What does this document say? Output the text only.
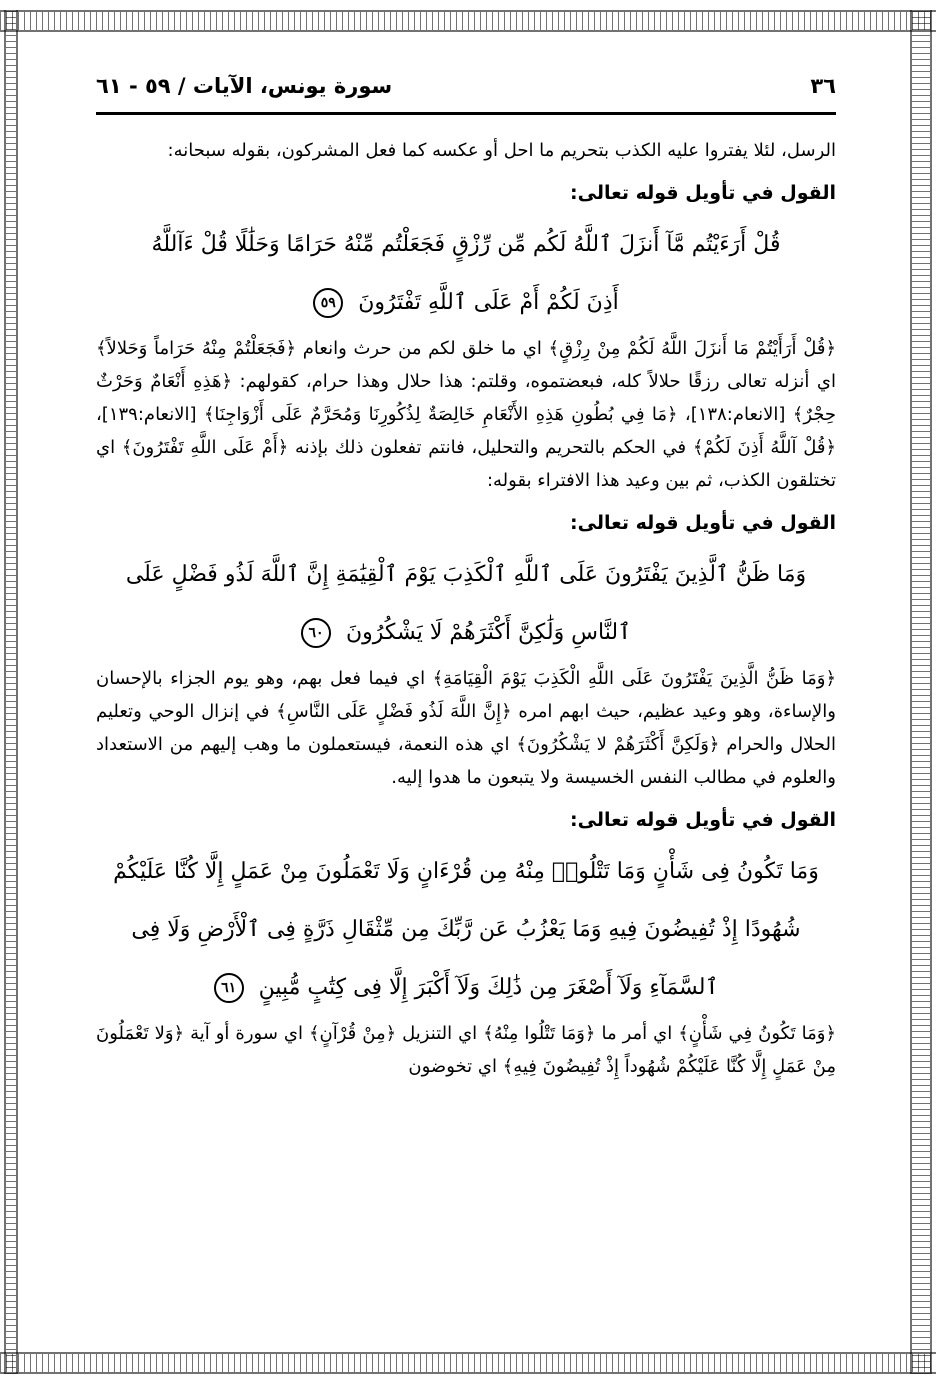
٣٦
سورة يونس، الآيات / ٥٩ - ٦١

الرسل، لئلا يفتروا عليه الكذب بتحريم ما احل أو عكسه كما فعل المشركون، بقوله سبحانه:

القول في تأويل قوله تعالى:

قُلْ أَرَءَيْتُم مَّآ أَنزَلَ ٱللَّهُ لَكُم مِّن رِّزْقٍ فَجَعَلْتُم مِّنْهُ حَرَامًا وَحَلَٰلًا قُلْ ءَآللَّهُ
أَذِنَ لَكُمْ أَمْ عَلَى ٱللَّهِ تَفْتَرُونَ ٥٩

﴿قُلْ أَرَأَيْتُمْ مَا أَنزَلَ اللَّهُ لَكُمْ مِنْ رِزْقٍ﴾ اي ما خلق لكم من حرث وانعام ﴿فَجَعَلْتُمْ مِنْهُ حَرَاماً وَحَلالاً﴾ اي أنزله تعالى رزقًا حلالاً كله، فبعضتموه، وقلتم: هذا حلال وهذا حرام، كقولهم: ﴿هَذِهِ أَنْعَامٌ وَحَرْثٌ حِجْرٌ﴾ [الانعام:١٣٨]، ﴿مَا فِي بُطُونِ هَذِهِ الأَنْعَامِ خَالِصَةٌ لِذُكُورِنَا وَمُحَرَّمٌ عَلَى أَزْوَاجِنَا﴾ [الانعام:١٣٩]، ﴿قُلْ آللَّهُ أَذِنَ لَكُمْ﴾ في الحكم بالتحريم والتحليل، فانتم تفعلون ذلك بإذنه ﴿أَمْ عَلَى اللَّهِ تَفْتَرُونَ﴾ اي تختلقون الكذب، ثم بين وعيد هذا الافتراء بقوله:

القول في تأويل قوله تعالى:

وَمَا ظَنُّ ٱلَّذِينَ يَفْتَرُونَ عَلَى ٱللَّهِ ٱلْكَذِبَ يَوْمَ ٱلْقِيَٰمَةِ إِنَّ ٱللَّهَ لَذُو فَضْلٍ عَلَى
ٱلنَّاسِ وَلَٰكِنَّ أَكْثَرَهُمْ لَا يَشْكُرُونَ ٦٠

﴿وَمَا ظَنُّ الَّذِينَ يَفْتَرُونَ عَلَى اللَّهِ الْكَذِبَ يَوْمَ الْقِيَامَةِ﴾ اي فيما فعل بهم، وهو يوم الجزاء بالإحسان والإساءة، وهو وعيد عظيم، حيث ابهم امره ﴿إِنَّ اللَّهَ لَذُو فَضْلٍ عَلَى النَّاسِ﴾ في إنزال الوحي وتعليم الحلال والحرام ﴿وَلَكِنَّ أَكْثَرَهُمْ لا يَشْكُرُونَ﴾ اي هذه النعمة، فيستعملون ما وهب إليهم من الاستعداد والعلوم في مطالب النفس الخسيسة ولا يتبعون ما هدوا إليه.

القول في تأويل قوله تعالى:

وَمَا تَكُونُ فِى شَأْنٍ وَمَا تَتْلُوا۟ مِنْهُ مِن قُرْءَانٍ وَلَا تَعْمَلُونَ مِنْ عَمَلٍ إِلَّا كُنَّا عَلَيْكُمْ
شُهُودًا إِذْ تُفِيضُونَ فِيهِ وَمَا يَعْزُبُ عَن رَّبِّكَ مِن مِّثْقَالِ ذَرَّةٍ فِى ٱلْأَرْضِ وَلَا فِى
ٱلسَّمَآءِ وَلَآ أَصْغَرَ مِن ذَٰلِكَ وَلَآ أَكْبَرَ إِلَّا فِى كِتَٰبٍ مُّبِينٍ ٦١

﴿وَمَا تَكُونُ فِي شَأْنٍ﴾ اي أمر ما ﴿وَمَا تَتْلُوا مِنْهُ﴾ اي التنزيل ﴿مِنْ قُرْآنٍ﴾ اي سورة أو آية ﴿وَلا تَعْمَلُونَ مِنْ عَمَلٍ إِلَّا كُنَّا عَلَيْكُمْ شُهُوداً إِذْ تُفِيضُونَ فِيهِ﴾ اي تخوضون
